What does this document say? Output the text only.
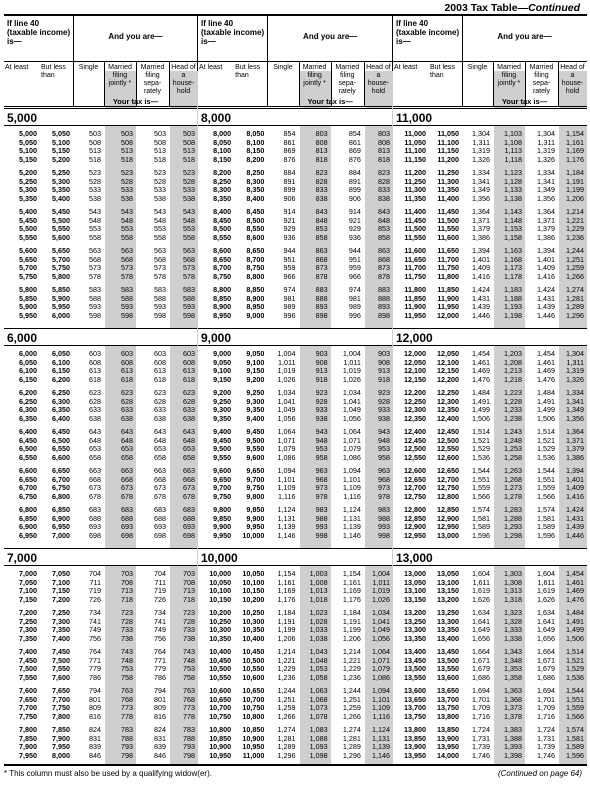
2003 Tax Table—Continued
If line 40 (taxable income) is—
And you are—
At least	But less than
Single	Married filing jointly *
Married filing sepa- rately
Head of a house- hold
Your tax is—
5,000
5,000	5,050	503	503	503	503
5,050	5,100	508	508	508	508
5,100	5,150	513	513	513	513
5,150	5,200	518	518	518	518
5,200	5,250	523	523	523	523
5,250	5,300	528	528	528	528
5,300	5,350	533	533	533	533
5,350	5,400	538	538	538	538
5,400	5,450	543	543	543	543
5,450	5,500	548	548	548	548
5,500	5,550	553	553	553	553
5,550	5,600	558	558	558	558
5,600	5,650	563	563	563	563
5,650	5,700	568	568	568	568
5,700	5,750	573	573	573	573
5,750	5,800	578	578	578	578
5,800	5,850	583	583	583	583
5,850	5,900	588	588	588	588
5,900	5,950	593	593	593	593
5,950	6,000	598	598	598	598
6,000
6,000	6,050	603	603	603	603
6,050	6,100	608	608	608	608
6,100	6,150	613	613	613	613
6,150	6,200	618	618	618	618
6,200	6,250	623	623	623	623
6,250	6,300	628	628	628	628
6,300	6,350	633	633	633	633
6,350	6,400	638	638	638	638
6,400	6,450	643	643	643	643
6,450	6,500	648	648	648	648
6,500	6,550	653	653	653	653
6,550	6,600	658	658	658	658
6,600	6,650	663	663	663	663
6,650	6,700	668	668	668	668
6,700	6,750	673	673	673	673
6,750	6,800	678	678	678	678
6,800	6,850	683	683	683	683
6,850	6,900	688	688	688	688
6,900	6,950	693	693	693	693
6,950	7,000	698	698	698	698
7,000
7,000	7,050	704	703	704	703
7,050	7,100	711	708	711	708
7,100	7,150	719	713	719	713
7,150	7,200	726	718	726	718
7,200	7,250	734	723	734	723
7,250	7,300	741	728	741	728
7,300	7,350	749	733	749	733
7,350	7,400	756	738	756	738
7,400	7,450	764	743	764	743
7,450	7,500	771	748	771	748
7,500	7,550	779	753	779	753
7,550	7,600	786	758	786	758
7,600	7,650	794	763	794	763
7,650	7,700	801	768	801	768
7,700	7,750	809	773	809	773
7,750	7,800	816	778	816	778
7,800	7,850	824	783	824	783
7,850	7,900	831	788	831	788
7,900	7,950	839	793	839	793
7,950	8,000	846	798	846	798
If line 40 (taxable income) is—
And you are—
At least	But less than
Single	Married filing jointly *
Married filing sepa- rately
Head of a house- hold
Your tax is—
8,000
8,000	8,050	854	803	854	803
8,050	8,100	861	808	861	808
8,100	8,150	869	813	869	813
8,150	8,200	876	818	876	818
8,200	8,250	884	823	884	823
8,250	8,300	891	828	891	828
8,300	8,350	899	833	899	833
8,350	8,400	906	838	906	838
8,400	8,450	914	843	914	843
8,450	8,500	921	848	921	848
8,500	8,550	929	853	929	853
8,550	8,600	936	858	936	858
8,600	8,650	944	863	944	863
8,650	8,700	951	868	951	868
8,700	8,750	959	873	959	873
8,750	8,800	966	878	966	878
8,800	8,850	974	883	974	883
8,850	8,900	981	888	981	888
8,900	8,950	989	893	989	893
8,950	9,000	996	898	996	898
9,000
9,000	9,050	1,004	903	1,004	903
9,050	9,100	1,011	908	1,011	908
9,100	9,150	1,019	913	1,019	913
9,150	9,200	1,026	918	1,026	918
9,200	9,250	1,034	923	1,034	923
9,250	9,300	1,041	928	1,041	928
9,300	9,350	1,049	933	1,049	933
9,350	9,400	1,056	938	1,056	938
9,400	9,450	1,064	943	1,064	943
9,450	9,500	1,071	948	1,071	948
9,500	9,550	1,079	953	1,079	953
9,550	9,600	1,086	958	1,086	958
9,600	9,650	1,094	963	1,094	963
9,650	9,700	1,101	968	1,101	968
9,700	9,750	1,109	973	1,109	973
9,750	9,800	1,116	978	1,116	978
9,800	9,850	1,124	983	1,124	983
9,850	9,900	1,131	988	1,131	988
9,900	9,950	1,139	993	1,139	993
9,950	10,000	1,146	998	1,146	998
10,000
10,000	10,050	1,154	1,003	1,154	1,004
10,050	10,100	1,161	1,008	1,161	1,011
10,100	10,150	1,169	1,013	1,169	1,019
10,150	10,200	1,176	1,018	1,176	1,026
10,200	10,250	1,184	1,023	1,184	1,034
10,250	10,300	1,191	1,028	1,191	1,041
10,300	10,350	1,199	1,033	1,199	1,049
10,350	10,400	1,206	1,038	1,206	1,056
10,400	10,450	1,214	1,043	1,214	1,064
10,450	10,500	1,221	1,048	1,221	1,071
10,500	10,550	1,229	1,053	1,229	1,079
10,550	10,600	1,236	1,058	1,236	1,086
10,600	10,650	1,244	1,063	1,244	1,094
10,650	10,700	1,251	1,068	1,251	1,101
10,700	10,750	1,259	1,073	1,259	1,109
10,750	10,800	1,266	1,078	1,266	1,116
10,800	10,850	1,274	1,083	1,274	1,124
10,850	10,900	1,281	1,088	1,281	1,131
10,900	10,950	1,289	1,093	1,289	1,139
10,950	11,000	1,296	1,098	1,296	1,146
If line 40 (taxable income) is—
And you are—
At least	But less than
Single	Married filing jointly *
Married filing sepa- rately
Head of a house- hold
Your tax is—
11,000
11,000	11,050	1,304	1,103	1,304	1,154
11,050	11,100	1,311	1,108	1,311	1,161
11,100	11,150	1,319	1,113	1,319	1,169
11,150	11,200	1,326	1,118	1,326	1,176
11,200	11,250	1,334	1,123	1,334	1,184
11,250	11,300	1,341	1,128	1,341	1,191
11,300	11,350	1,349	1,133	1,349	1,199
11,350	11,400	1,356	1,138	1,356	1,206
11,400	11,450	1,364	1,143	1,364	1,214
11,450	11,500	1,371	1,148	1,371	1,221
11,500	11,550	1,379	1,153	1,379	1,229
11,550	11,600	1,386	1,158	1,386	1,236
11,600	11,650	1,394	1,163	1,394	1,244
11,650	11,700	1,401	1,168	1,401	1,251
11,700	11,750	1,409	1,173	1,409	1,259
11,750	11,800	1,416	1,178	1,416	1,266
11,800	11,850	1,424	1,183	1,424	1,274
11,850	11,900	1,431	1,188	1,431	1,281
11,900	11,950	1,439	1,193	1,439	1,289
11,950	12,000	1,446	1,198	1,446	1,296
12,000
12,000	12,050	1,454	1,203	1,454	1,304
12,050	12,100	1,461	1,208	1,461	1,311
12,100	12,150	1,469	1,213	1,469	1,319
12,150	12,200	1,476	1,218	1,476	1,326
12,200	12,250	1,484	1,223	1,484	1,334
12,250	12,300	1,491	1,228	1,491	1,341
12,300	12,350	1,499	1,233	1,499	1,349
12,350	12,400	1,506	1,238	1,506	1,356
12,400	12,450	1,514	1,243	1,514	1,364
12,450	12,500	1,521	1,248	1,521	1,371
12,500	12,550	1,529	1,253	1,529	1,379
12,550	12,600	1,536	1,258	1,536	1,386
12,600	12,650	1,544	1,263	1,544	1,394
12,650	12,700	1,551	1,268	1,551	1,401
12,700	12,750	1,559	1,273	1,559	1,409
12,750	12,800	1,566	1,278	1,566	1,416
12,800	12,850	1,574	1,283	1,574	1,424
12,850	12,900	1,581	1,288	1,581	1,431
12,900	12,950	1,589	1,293	1,589	1,439
12,950	13,000	1,596	1,298	1,596	1,446
13,000
13,000	13,050	1,604	1,303	1,604	1,454
13,050	13,100	1,611	1,308	1,611	1,461
13,100	13,150	1,619	1,313	1,619	1,469
13,150	13,200	1,626	1,318	1,626	1,476
13,200	13,250	1,634	1,323	1,634	1,484
13,250	13,300	1,641	1,328	1,641	1,491
13,300	13,350	1,649	1,333	1,649	1,499
13,350	13,400	1,656	1,338	1,656	1,506
13,400	13,450	1,664	1,343	1,664	1,514
13,450	13,500	1,671	1,348	1,671	1,521
13,500	13,550	1,679	1,353	1,679	1,529
13,550	13,600	1,686	1,358	1,686	1,536
13,600	13,650	1,694	1,363	1,694	1,544
13,650	13,700	1,701	1,368	1,701	1,551
13,700	13,750	1,709	1,373	1,709	1,559
13,750	13,800	1,716	1,378	1,716	1,566
13,800	13,850	1,724	1,383	1,724	1,574
13,850	13,900	1,731	1,388	1,731	1,581
13,900	13,950	1,739	1,393	1,739	1,589
13,950	14,000	1,746	1,398	1,746	1,596
* This column must also be used by a qualifying widow(er).	(Continued on page 64)
